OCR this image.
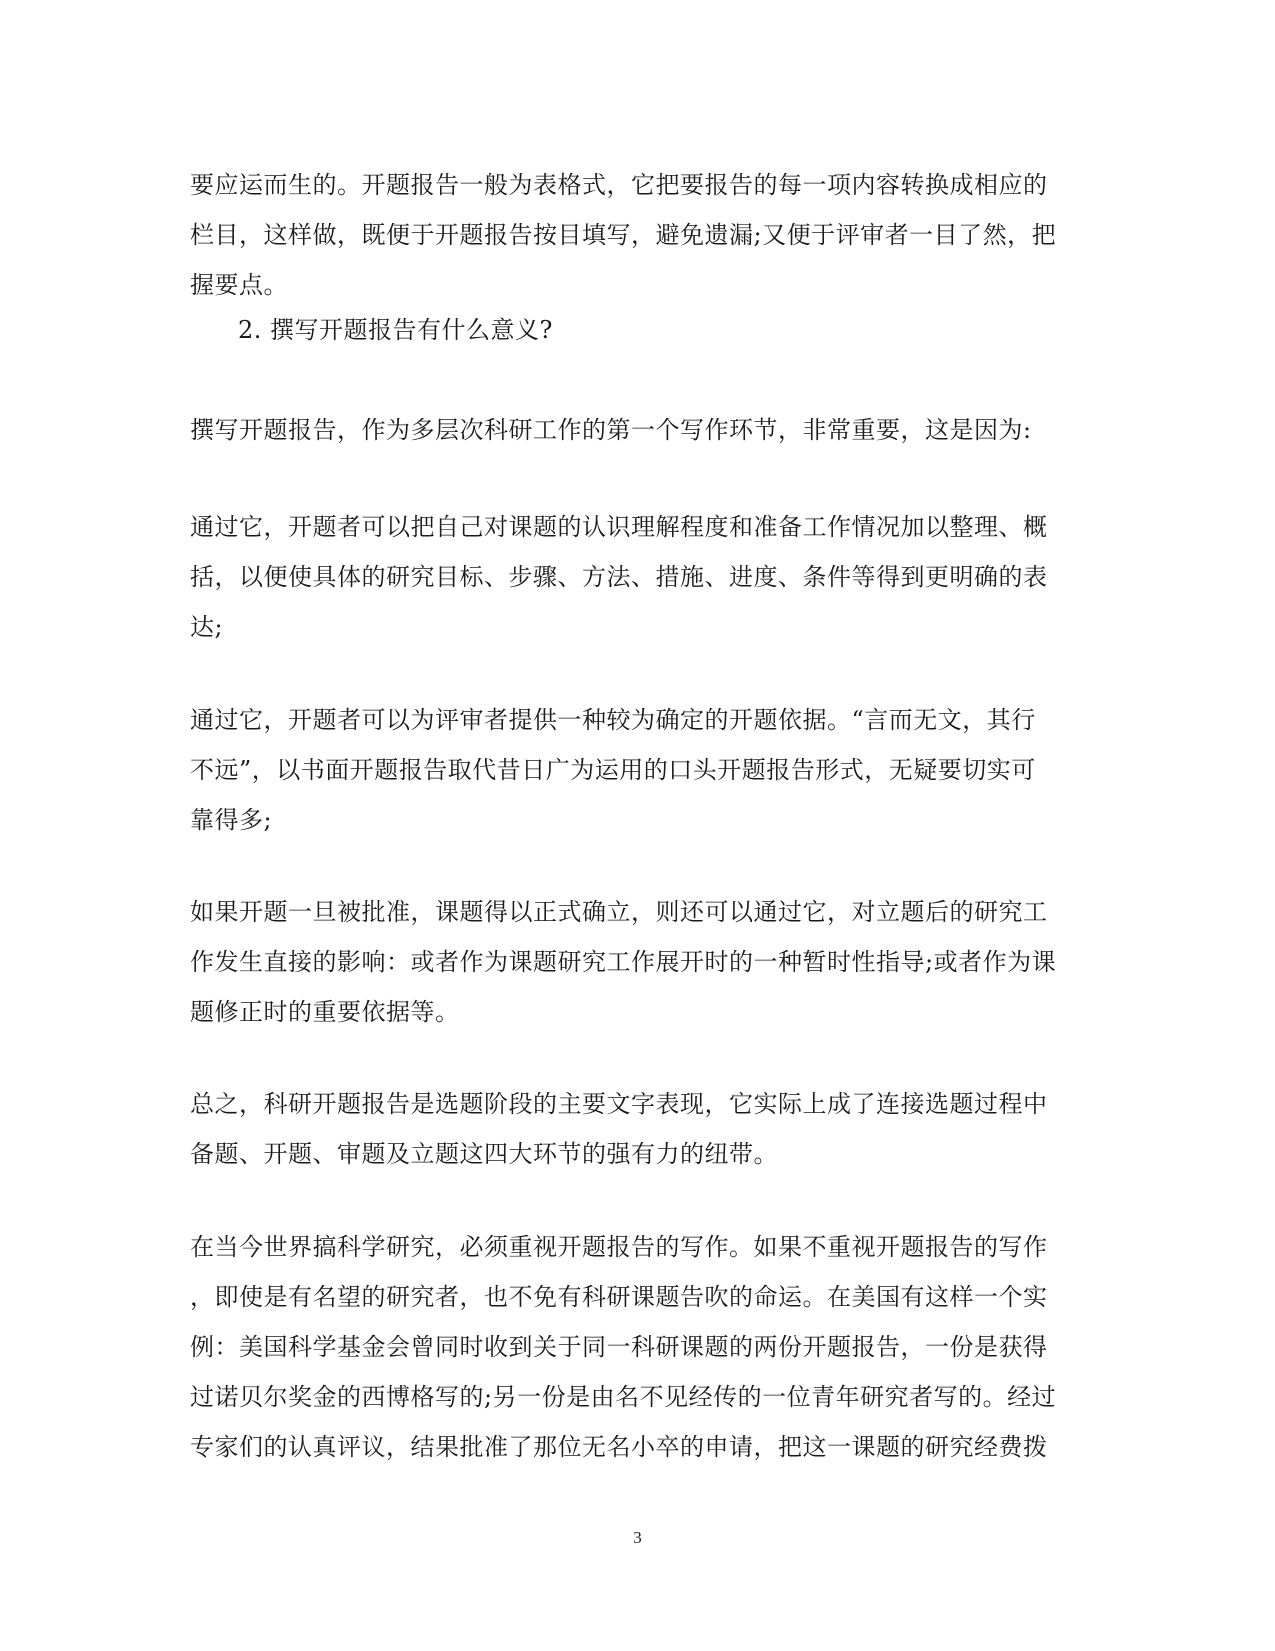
要应运而生的。开题报告一般为表格式，它把要报告的每一项内容转换成相应的
栏目，这样做，既便于开题报告按目填写，避免遗漏;又便于评审者一目了然，把
握要点。
2. 撰写开题报告有什么意义?
撰写开题报告，作为多层次科研工作的第一个写作环节，非常重要，这是因为:
通过它，开题者可以把自己对课题的认识理解程度和准备工作情况加以整理、概
括，以便使具体的研究目标、步骤、方法、措施、进度、条件等得到更明确的表
达;
通过它，开题者可以为评审者提供一种较为确定的开题依据。“言而无文，其行
不远”，以书面开题报告取代昔日广为运用的口头开题报告形式，无疑要切实可
靠得多;
如果开题一旦被批准，课题得以正式确立，则还可以通过它，对立题后的研究工
作发生直接的影响：或者作为课题研究工作展开时的一种暂时性指导;或者作为课
题修正时的重要依据等。
总之，科研开题报告是选题阶段的主要文字表现，它实际上成了连接选题过程中
备题、开题、审题及立题这四大环节的强有力的纽带。
在当今世界搞科学研究，必须重视开题报告的写作。如果不重视开题报告的写作
，即使是有名望的研究者，也不免有科研课题告吹的命运。在美国有这样一个实
例：美国科学基金会曾同时收到关于同一科研课题的两份开题报告，一份是获得
过诺贝尔奖金的西博格写的;另一份是由名不见经传的一位青年研究者写的。经过
专家们的认真评议，结果批准了那位无名小卒的申请，把这一课题的研究经费拨
3
